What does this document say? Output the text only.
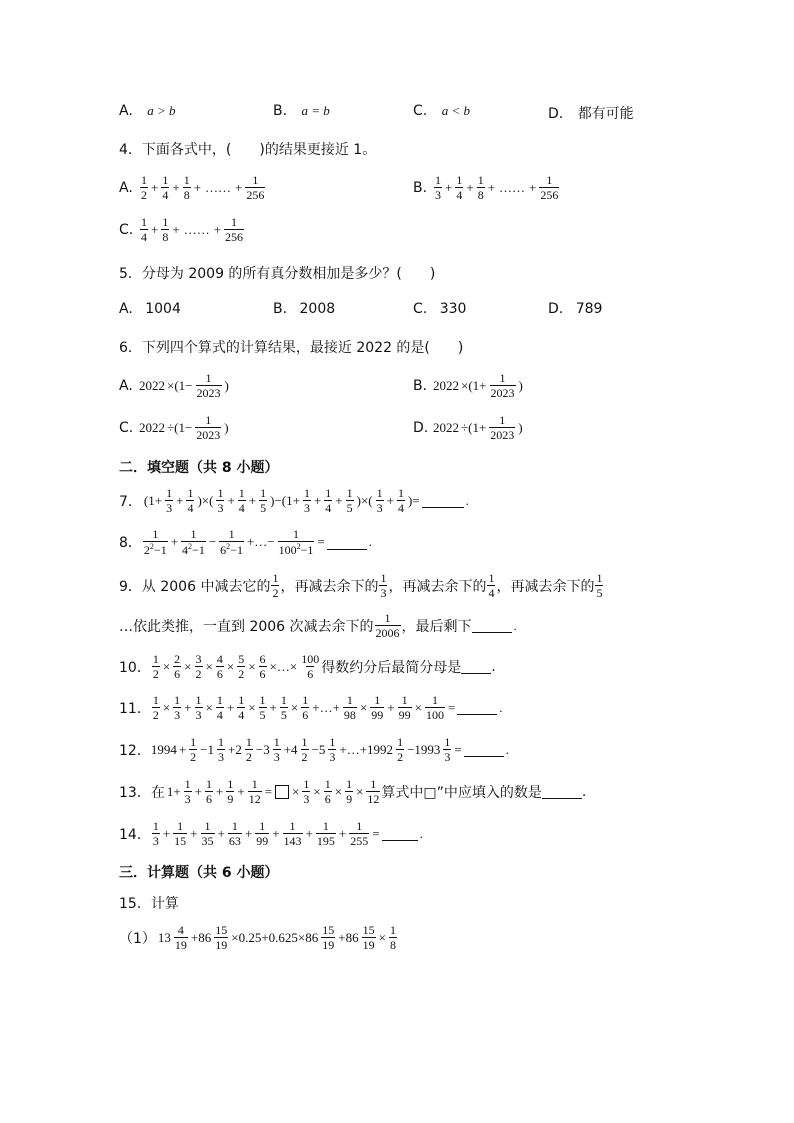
A. a > b	B. a = b	C. a < b	D. 都有可能
4．下面各式中，(　　)的结果更接近 1。
A. $\frac{1}{2} + \frac{1}{4} + \frac{1}{8}$ + …… + $\frac{1}{256}$	B. $\frac{1}{3} + \frac{1}{4} + \frac{1}{8}$ + …… + $\frac{1}{256}$
C. $\frac{1}{4} + \frac{1}{8}$ + …… + $\frac{1}{256}$
5．分母为 2009 的所有真分数相加是多少？(　　)
A. 1004	B. 2008	C. 330	D. 789
6．下列四个算式的计算结果，最接近 2022 的是(　　)
A. $2022 \times(1- \frac{1}{2023}$ )	B. $2022 \times(1+ \frac{1}{2023}$ )
C. $2022 \div(1- \frac{1}{2023}$ )	D. $2022 \div(1+ \frac{1}{2023}$ )
二．填空题（共 8 小题）
7． ($1+ \frac{1}{3} + \frac{1}{4}$ )×( $\frac{1}{3} + \frac{1}{4} + \frac{1}{5} )-(1+ \frac{1}{3} + \frac{1}{4} + \frac{1}{5}$ )×( $\frac{1}{3} + \frac{1}{4}$ )=	.
8． $\frac{1}{2^2-1} + \frac{1}{4^2-1} - \frac{1}{6^2-1}$ +…− $\frac{1}{100^2-1}$ =	.
9． 从 2006 中减去它的 $\frac{1}{2}$ ，再减去余下的 $\frac{1}{3}$ ，再减去余下的 $\frac{1}{4}$ ，再减去余下的 $\frac{1}{5}$
…依此类推，一直到 2006 次减去余下的 $\frac{1}{2006}$ ，最后剩下	.
10． $\frac{1}{2} \times \frac{2}{6} \times \frac{3}{2} \times \frac{4}{6} \times \frac{5}{2} \times \frac{6}{6}$ ×…× $\frac{100}{6}$ 得数约分后最简分母是 .
11． $\frac{1}{2} \times \frac{1}{3} + \frac{1}{3} \times \frac{1}{4} + \frac{1}{4} \times \frac{1}{5} + \frac{1}{5} \times \frac{1}{6}$ +…+ $\frac{1}{98} \times \frac{1}{99} + \frac{1}{99} \times \frac{1}{100}$ =	.
12． $1994 + \frac{1}{2} -1 \frac{1}{3} +2 \frac{1}{2} -3 \frac{1}{3} +4 \frac{1}{2} -5 \frac{1}{3}$ +…+1992 $\frac{1}{2} -1993 \frac{1}{3}$ =	.
13． 在 $1+ \frac{1}{3} + \frac{1}{6} + \frac{1}{9} + \frac{1}{12}$ = × $\frac{1}{3} \times \frac{1}{6} \times \frac{1}{9} \times \frac{1}{12}$ 算式中□”中应填入的数是	.
14． $\frac{1}{3} + \frac{1}{15} + \frac{1}{35} + \frac{1}{63} + \frac{1}{99} + \frac{1}{143} + \frac{1}{195} + \frac{1}{255}$ =	.
三．计算题（共 6 小题）
15．计算
（1） $13 \frac{4}{19} +86 \frac{15}{19} \times 0.25+0.625\times 86 \frac{15}{19} +86 \frac{15}{19} \times \frac{1}{8}$
